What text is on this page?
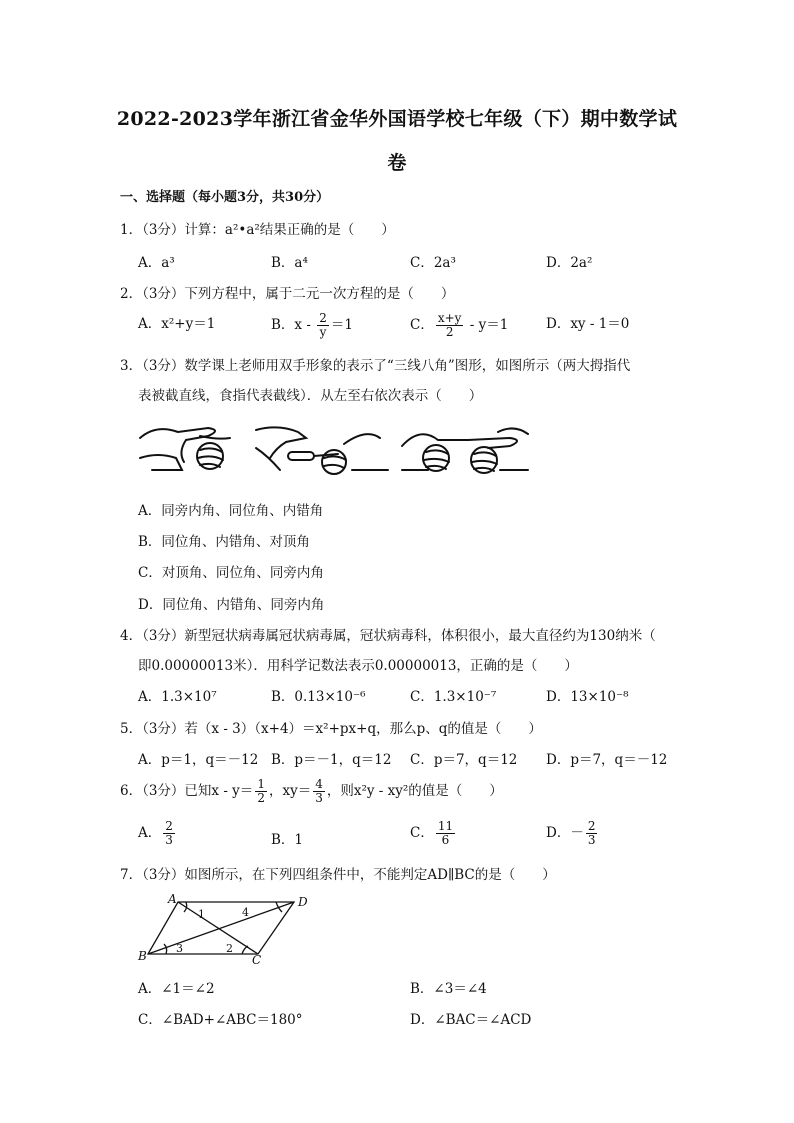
2022-2023学年浙江省金华外国语学校七年级（下）期中数学试
卷
一、选择题（每小题3分，共30分）
1．（3分）计算：a²•a²结果正确的是（　　）
A．a³	B．a⁴	C．2a³	D．2a²
2．（3分）下列方程中，属于二元一次方程的是（　　）
A．x²+y＝1	B．$x - \frac{2}{y} =1$	C． $\frac{x+y}{2} - y=1$	D．xy - 1＝0
3．（3分）数学课上老师用双手形象的表示了“三线八角”图形，如图所示（两大拇指代
表被截直线，食指代表截线）．从左至右依次表示（　　）
A．同旁内角、同位角、内错角
B．同位角、内错角、对顶角
C．对顶角、同位角、同旁内角
D．同位角、内错角、同旁内角
4．（3分）新型冠状病毒属冠状病毒属，冠状病毒科，体积很小，最大直径约为130纳米（
即0.00000013米）．用科学记数法表示0.00000013，正确的是（　　）
A．1.3×10⁷	B．0.13×10⁻⁶	C．1.3×10⁻⁷	D．13×10⁻⁸
5．（3分）若（x - 3）（x+4）＝x²+px+q，那么p、q的值是（　　）
A．p＝1，q＝－12 B．p＝－1，q＝12 C．p＝7，q＝12 D．p＝7，q＝－12
6．（3分）已知$x - y= \frac{1}{2}$ ，$xy= \frac{4}{3}$ ，则x²y - xy²的值是（　　）
A． $\frac{2}{3}$	B．1	C． $\frac{11}{6}$	D．－ $\frac{2}{3}$
7．（3分）如图所示，在下列四组条件中，不能判定AD∥BC的是（　　）
A	D
B	C
1	4
3	2
A．∠1＝∠2	B．∠3＝∠4
C．∠BAD+∠ABC＝180°	D．∠BAC＝∠ACD
